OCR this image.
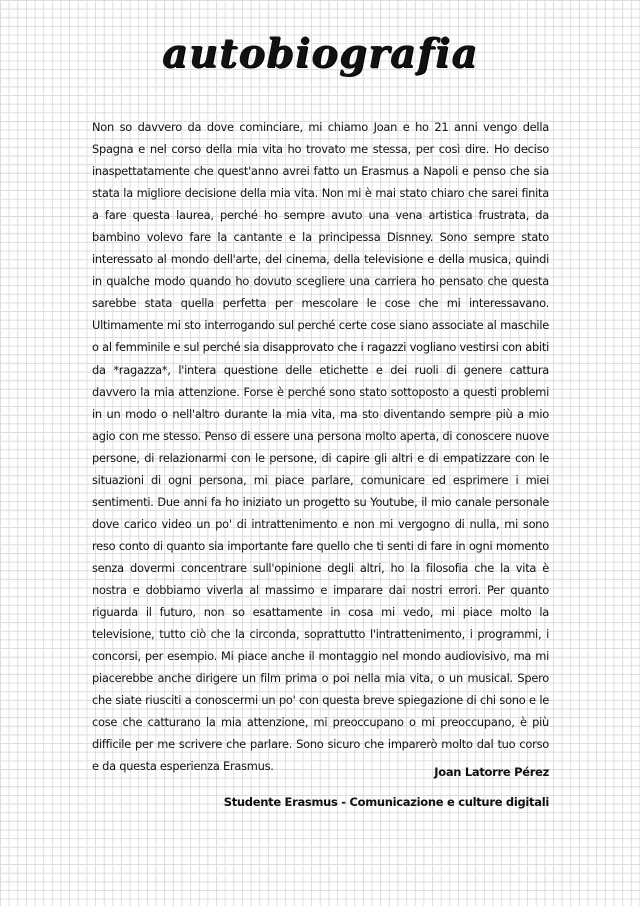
autobiografia
Non so davvero da dove cominciare, mi chiamo Joan e ho 21 anni vengo della Spagna e nel corso della mia vita ho trovato me stessa, per così dire. Ho deciso inaspettatamente che quest'anno avrei fatto un Erasmus a Napoli e penso che sia stata la migliore decisione della mia vita. Non mi è mai stato chiaro che sarei finita a fare questa laurea, perché ho sempre avuto una vena artistica frustrata, da bambino volevo fare la cantante e la principessa Disnney. Sono sempre stato interessato al mondo dell'arte, del cinema, della televisione e della musica, quindi in qualche modo quando ho dovuto scegliere una carriera ho pensato che questa sarebbe stata quella perfetta per mescolare le cose che mi interessavano. Ultimamente mi sto interrogando sul perché certe cose siano associate al maschile o al femminile e sul perché sia disapprovato che i ragazzi vogliano vestirsi con abiti da *ragazza*, l'intera questione delle etichette e dei ruoli di genere cattura davvero la mia attenzione. Forse è perché sono stato sottoposto a questi problemi in un modo o nell'altro durante la mia vita, ma sto diventando sempre più a mio agio con me stesso. Penso di essere una persona molto aperta, di conoscere nuove persone, di relazionarmi con le persone, di capire gli altri e di empatizzare con le situazioni di ogni persona, mi piace parlare, comunicare ed esprimere i miei sentimenti. Due anni fa ho iniziato un progetto su Youtube, il mio canale personale dove carico video un po' di intrattenimento e non mi vergogno di nulla, mi sono reso conto di quanto sia importante fare quello che ti senti di fare in ogni momento senza dovermi concentrare sull'opinione degli altri, ho la filosofia che la vita è nostra e dobbiamo viverla al massimo e imparare dai nostri errori. Per quanto riguarda il futuro, non so esattamente in cosa mi vedo, mi piace molto la televisione, tutto ciò che la circonda, soprattutto l'intrattenimento, i programmi, i concorsi, per esempio. Mi piace anche il montaggio nel mondo audiovisivo, ma mi piacerebbe anche dirigere un film prima o poi nella mia vita, o un musical. Spero che siate riusciti a conoscermi un po' con questa breve spiegazione di chi sono e le cose che catturano la mia attenzione, mi preoccupano o mi preoccupano, è più difficile per me scrivere che parlare. Sono sicuro che imparerò molto dal tuo corso e da questa esperienza Erasmus.	Joan Latorre Pérez
Studente Erasmus - Comunicazione e culture digitali
